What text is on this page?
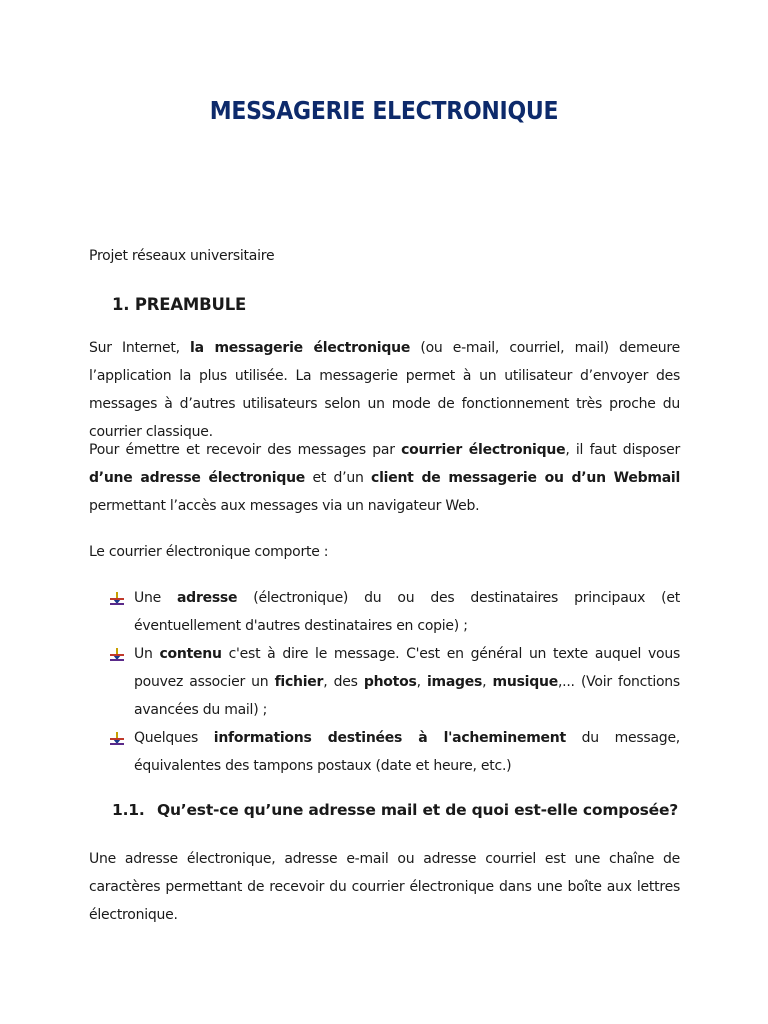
MESSAGERIE ELECTRONIQUE
Projet réseaux universitaire
1. PREAMBULE
Sur Internet, la messagerie électronique (ou e-mail, courriel, mail) demeure l’application la plus utilisée. La messagerie permet à un utilisateur d’envoyer des messages à d’autres utilisateurs selon un mode de fonctionnement très proche du courrier classique.
Pour émettre et recevoir des messages par courrier électronique, il faut disposer d’une adresse électronique et d’un client de messagerie ou d’un Webmail permettant l’accès aux messages via un navigateur Web.
Le courrier électronique comporte :
Une adresse (électronique) du ou des destinataires principaux (et éventuellement d'autres destinataires en copie) ;
Un contenu c'est à dire le message. C'est en général un texte auquel vous pouvez associer un fichier, des photos, images, musique,... (Voir fonctions avancées du mail) ;
Quelques informations destinées à l'acheminement du message, équivalentes des tampons postaux (date et heure, etc.)
1.1. Qu’est-ce qu’une adresse mail et de quoi est-elle composée?
Une adresse électronique, adresse e-mail ou adresse courriel est une chaîne de caractères permettant de recevoir du courrier électronique dans une boîte aux lettres électronique.
